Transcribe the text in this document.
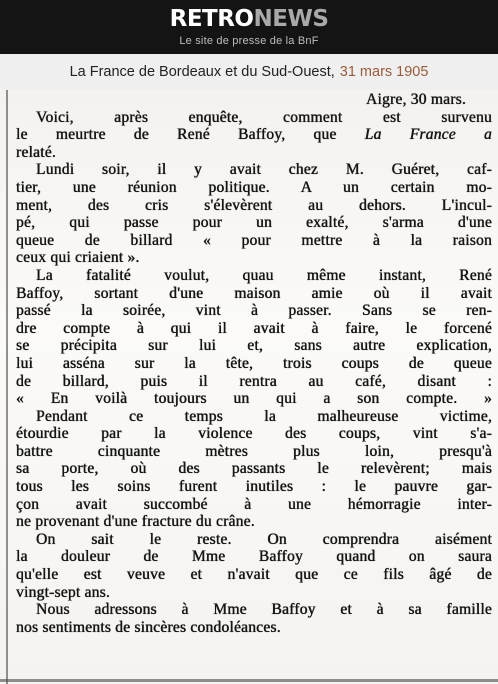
RETRONEWS
Le site de presse de la BnF
La France de Bordeaux et du Sud-Ouest, 31 mars 1905
Aigre, 30 mars.
Voici, après enquête, comment est survenu
le meurtre de René Baffoy, que La France a
relaté.
Lundi soir, il y avait chez M. Guéret, caf-
tier, une réunion politique. A un certain mo-
ment, des cris s'élevèrent au dehors. L'incul-
pé, qui passe pour un exalté, s'arma d'une
queue de billard « pour mettre à la raison
ceux qui criaient ».
La fatalité voulut, quau même instant, René
Baffoy, sortant d'une maison amie où il avait
passé la soirée, vint à passer. Sans se ren-
dre compte à qui il avait à faire, le forcené
se précipita sur lui et, sans autre explication,
lui asséna sur la tête, trois coups de queue
de billard, puis il rentra au café, disant :
« En voilà toujours un qui a son compte. »
Pendant ce temps la malheureuse victime,
étourdie par la violence des coups, vint s'a-
battre cinquante mètres plus loin, presqu'à
sa porte, où des passants le relevèrent; mais
tous les soins furent inutiles : le pauvre gar-
çon avait succombé à une hémorragie inter-
ne provenant d'une fracture du crâne.
On sait le reste. On comprendra aisément
la douleur de Mme Baffoy quand on saura
qu'elle est veuve et n'avait que ce fils âgé de
vingt-sept ans.
Nous adressons à Mme Baffoy et à sa famille
nos sentiments de sincères condoléances.
